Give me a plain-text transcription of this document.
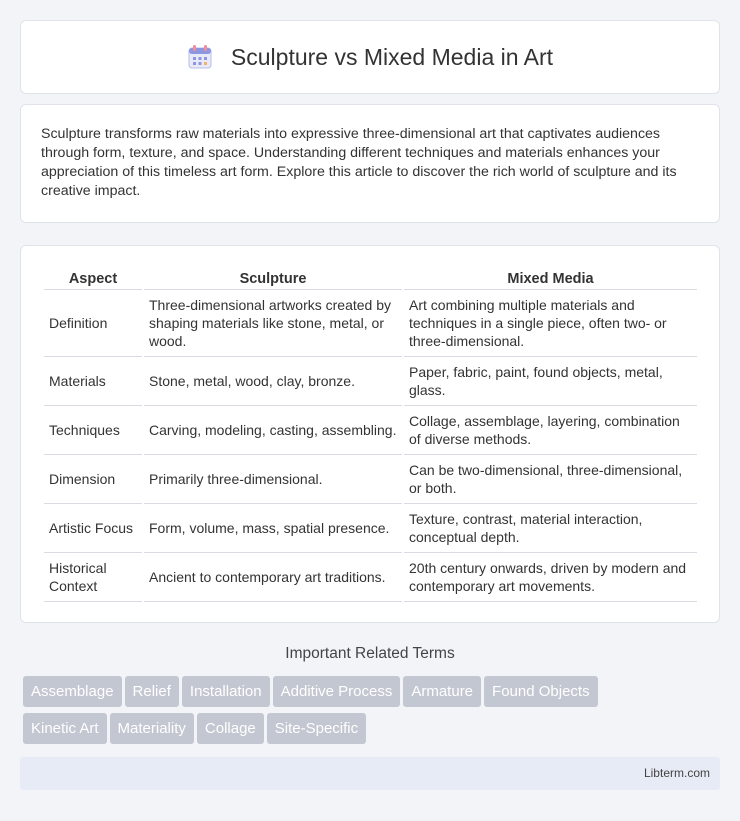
Sculpture vs Mixed Media in Art

Sculpture transforms raw materials into expressive three-dimensional art that captivates audiences through form, texture, and space. Understanding different techniques and materials enhances your appreciation of this timeless art form. Explore this article to discover the rich world of sculpture and its creative impact.

Aspect	Sculpture	Mixed Media
Definition	Three-dimensional artworks created by shaping materials like stone, metal, or wood.	Art combining multiple materials and techniques in a single piece, often two- or three-dimensional.
Materials	Stone, metal, wood, clay, bronze.	Paper, fabric, paint, found objects, metal, glass.
Techniques	Carving, modeling, casting, assembling.	Collage, assemblage, layering, combination of diverse methods.
Dimension	Primarily three-dimensional.	Can be two-dimensional, three-dimensional, or both.
Artistic Focus	Form, volume, mass, spatial presence.	Texture, contrast, material interaction, conceptual depth.
Historical Context	Ancient to contemporary art traditions.	20th century onwards, driven by modern and contemporary art movements.
Important Related Terms
Assemblage Relief Installation Additive Process Armature Found Objects
Kinetic Art Materiality Collage Site-Specific
Libterm.com
